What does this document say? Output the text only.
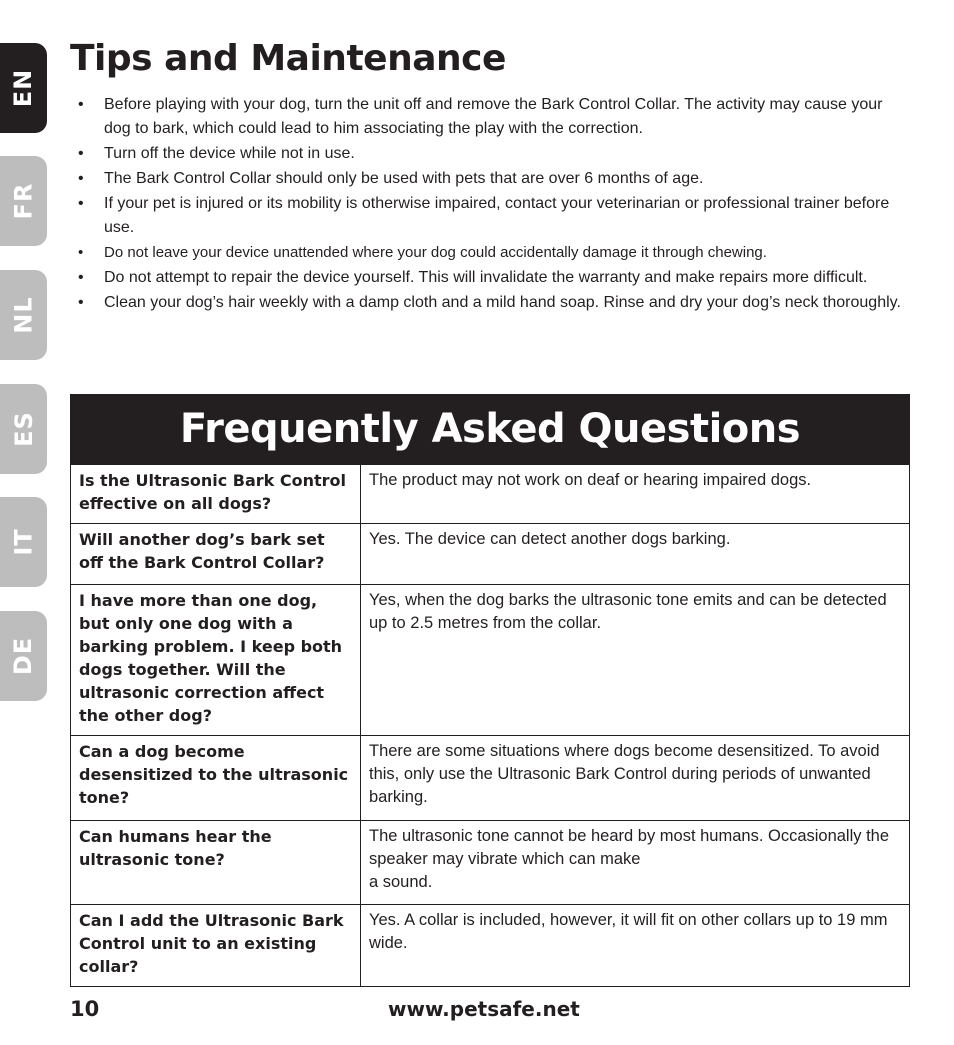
EN
FR
NL
ES
IT
DE
Tips and Maintenance
• Before playing with your dog, turn the unit off and remove the Bark Control Collar. The activity may cause your dog to bark, which could lead to him associating the play with the correction.
• Turn off the device while not in use.
• The Bark Control Collar should only be used with pets that are over 6 months of age.
• If your pet is injured or its mobility is otherwise impaired, contact your veterinarian or professional trainer before use.
• Do not leave your device unattended where your dog could accidentally damage it through chewing.
• Do not attempt to repair the device yourself. This will invalidate the warranty and make repairs more difficult.
• Clean your dog’s hair weekly with a damp cloth and a mild hand soap. Rinse and dry your dog’s neck thoroughly.
Frequently Asked Questions
Is the Ultrasonic Bark Control effective on all dogs?	The product may not work on deaf or hearing impaired dogs.
Will another dog’s bark set off the Bark Control Collar?	Yes. The device can detect another dogs barking.
I have more than one dog, but only one dog with a barking problem. I keep both dogs together. Will the ultrasonic correction affect the other dog?	Yes, when the dog barks the ultrasonic tone emits and can be detected up to 2.5 metres from the collar.
Can a dog become desensitized to the ultrasonic tone?	There are some situations where dogs become desensitized. To avoid this, only use the Ultrasonic Bark Control during periods of unwanted barking.
Can humans hear the ultrasonic tone?	The ultrasonic tone cannot be heard by most humans. Occasionally the speaker may vibrate which can make
a sound.
Can I add the Ultrasonic Bark Control unit to an existing collar?	Yes. A collar is included, however, it will fit on other collars up to 19 mm wide.
10	www.petsafe.net
